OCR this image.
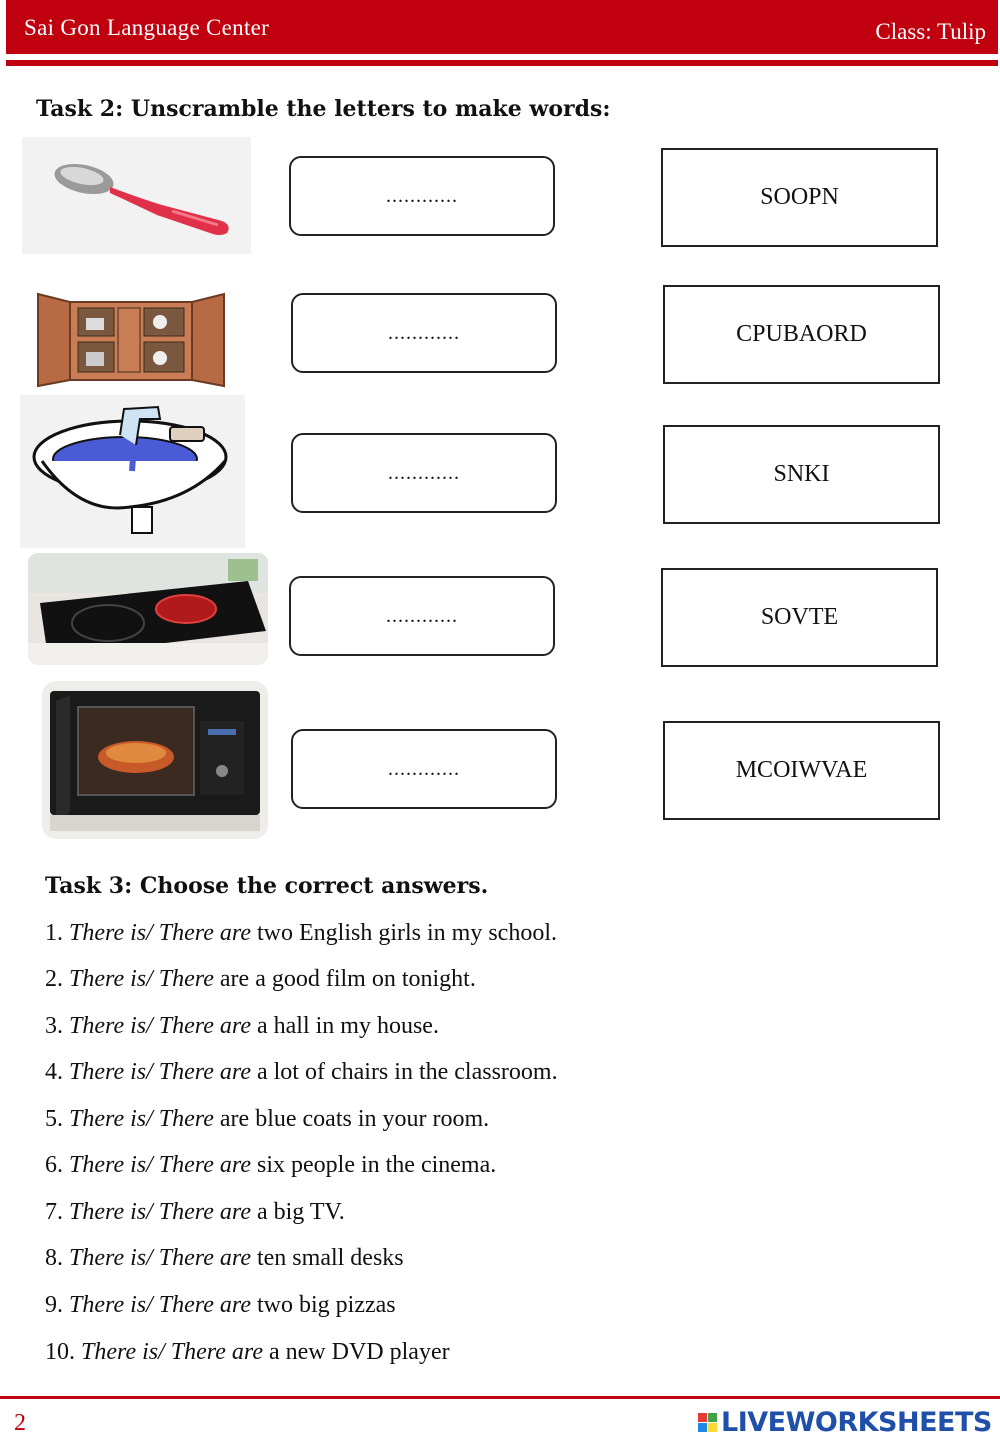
Sai Gon Language Center	Class: Tulip
Task 2: Unscramble the letters to make words:
............	SOOPN
............	CPUBAORD
............	SNKI
............	SOVTE
............	MCOIWVAE
Task 3: Choose the correct answers.
1. There is/ There are two English girls in my school.
2. There is/ There are a good film on tonight.
3. There is/ There are a hall in my house.
4. There is/ There are a lot of chairs in the classroom.
5. There is/ There are blue coats in your room.
6. There is/ There are six people in the cinema.
7. There is/ There are a big TV.
8. There is/ There are ten small desks
9. There is/ There are two big pizzas
10. There is/ There are a new DVD player
2	LIVEWORKSHEETS
